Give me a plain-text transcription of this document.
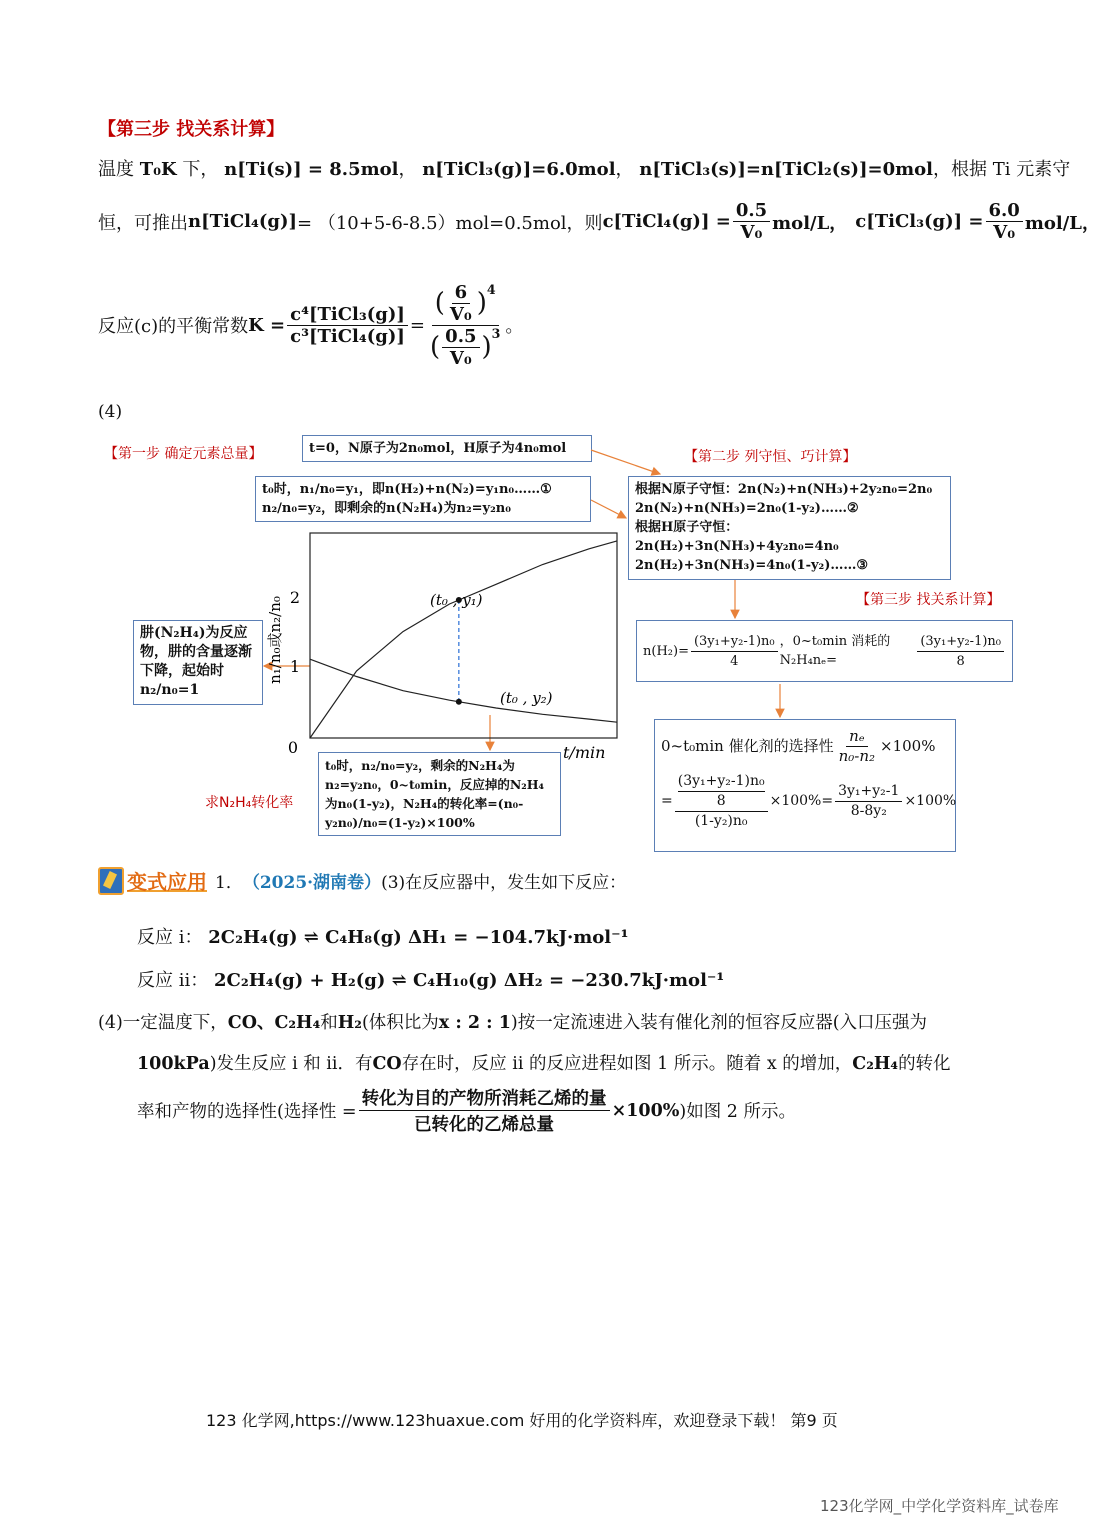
【第三步 找关系计算】
温度 T₀K 下， n[Ti(s)] = 8.5mol， n[TiCl₃(g)]=6.0mol， n[TiCl₃(s)]=n[TiCl₂(s)]=0mol，根据 Ti 元素守
恒，可推出 n[TiCl₄(g)] = （10+5-6-8.5）mol=0.5mol，则 c[TiCl₄(g)] = $\frac{0.5}{\text{V₀}} mol/L$， c[TiCl₃(g)] = $\frac{6.0}{\text{V₀}} mol/L$，
反应(c)的平衡常数 $K = \frac{\text{c⁴[TiCl₃(g)]}}{\text{c³[TiCl₄(g)]}} = \frac{( \frac{6}{\text{V₀}} )^4}{( \frac{0.5}{\text{V₀}} )^3}$ 。
(4)
【第一步 确定元素总量】	t=0，N原子为2n₀mol，H原子为4n₀mol
t₀时，n₁/n₀=y₁，即n(H₂)+n(N₂)=y₁n₀……①
n₂/n₀=y₂，即剩余的n(N₂H₄)为n₂=y₂n₀
【第二步 列守恒、巧计算】
根据N原子守恒：2n(N₂)+n(NH₃)+2y₂n₀=2n₀
2n(N₂)+n(NH₃)=2n₀(1-y₂)……②
根据H原子守恒：
2n(H₂)+3n(NH₃)+4y₂n₀=4n₀
2n(H₂)+3n(NH₃)=4n₀(1-y₂)……③
【第三步 找关系计算】
$n(H_2)= \frac{\text{(3y₁+y₂-1)n₀}}{4}$ ，0~t₀min 消耗的 N₂H₄nₑ=	$\frac{\text{(3y₁+y₂-1)n₀}}{8}$
0~t₀min 催化剂的选择性 $\frac{\text{nₑ}}{\text{n₀-n₂}} \times 100\%$
= $\frac{\frac{\text{(3y₁+y₂-1)n₀}}{8}}{\text{(1-y₂)n₀}} \times 100\%= \frac{\text{3y₁+y₂-1}}{\text{8-8y₂}} \times 100\%$
肼(N₂H₄)为反应物，肼的含量逐渐下降，起始时n₂/n₀=1
t₀时，n₂/n₀=y₂，剩余的N₂H₄为n₂=y₂n₀，0~t₀min，反应掉的N₂H₄为n₀(1-y₂)，N₂H₄的转化率=(n₀-y₂n₀)/n₀=(1-y₂)×100%
求N₂H₄转化率
0
1
2
t/min
n₁/n₀或n₂/n₀	(t₀ , y₁)
(t₀ , y₂)
变式应用 1． （2025·湖南卷） (3)在反应器中，发生如下反应：
反应 i： 2C₂H₄(g) ⇌ C₄H₈(g) ΔH₁ = −104.7kJ·mol⁻¹
反应 ii： 2C₂H₄(g) + H₂(g) ⇌ C₄H₁₀(g) ΔH₂ = −230.7kJ·mol⁻¹
(4)一定温度下，CO、C₂H₄和H₂(体积比为x : 2 : 1)按一定流速进入装有催化剂的恒容反应器(入口压强为
100kPa)发生反应 i 和 ii．有CO存在时，反应 ii 的反应进程如图 1 所示。随着 x 的增加，C₂H₄的转化
率和产物的选择性(选择性 = $\frac{\text{转化为目的产物所消耗乙烯的量}}{\text{已转化的乙烯总量}} \times 100\%$ )如图 2 所示。
123 化学网,https://www.123huaxue.com 好用的化学资料库，欢迎登录下载！ 第9 页
123化学网_中学化学资料库_试卷库
